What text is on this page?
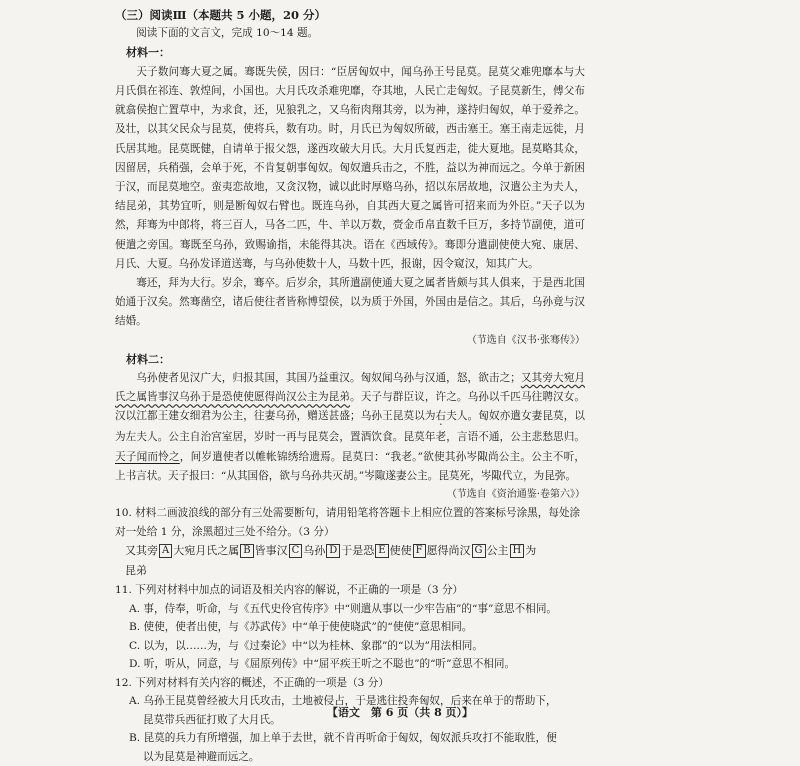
（三）阅读Ⅲ（本题共 5 小题，20 分）

阅读下面的文言文，完成 10～14 题。

材料一：

天子数问骞大夏之属。骞既失侯，因曰：“臣居匈奴中，闻乌孙王号昆莫。昆莫父难兜靡本与大月氏俱在祁连、敦煌间，小国也。大月氏攻杀难兜靡，夺其地，人民亡走匈奴。子昆莫新生，傅父布就翕侯抱亡置草中，为求食，还，见狼乳之，又乌衔肉翔其旁，以为神，遂持归匈奴，单于爱养之。及壮，以其父民众与昆莫，使将兵，数有功。时，月氏已为匈奴所破，西击塞王。塞王南走远徙，月氏居其地。昆莫既健，自请单于报父怨，遂西攻破大月氏。大月氏复西走，徙大夏地。昆莫略其众，因留居，兵稍强，会单于死，不肯复朝事匈奴。匈奴遣兵击之，不胜，益以为神而远之。今单于新困于汉，而昆莫地空。蛮夷恋故地，又贪汉物，诚以此时厚赂乌孙，招以东居故地，汉遣公主为夫人，结昆弟，其势宜听，则是断匈奴右臂也。既连乌孙，自其西大夏之属皆可招来而为外臣。”天子以为然，拜骞为中郎将，将三百人，马各二匹，牛、羊以万数，赍金币帛直数千巨万，多持节副使，道可便遣之旁国。骞既至乌孙，致赐谕指，未能得其决。语在《西域传》。骞即分遣副使使大宛、康居、月氏、大夏。乌孙发译道送骞，与乌孙使数十人，马数十匹，报谢，因令窥汉，知其广大。

骞还，拜为大行。岁余，骞卒。后岁余，其所遣副使通大夏之属者皆颇与其人俱来，于是西北国始通于汉矣。然骞凿空，诸后使往者皆称博望侯，以为质于外国，外国由是信之。其后，乌孙竟与汉结婚。

（节选自《汉书·张骞传》）

材料二：

乌孙使者见汉广大，归报其国，其国乃益重汉。匈奴闻乌孙与汉通，怒，欲击之；又其旁大宛月氏之属皆事汉乌孙于是恐使使愿得尚汉公主为昆弟。天子与群臣议，许之。乌孙以千匹马往聘汉女。汉以江都王建女细君为公主，往妻乌孙，赠送甚盛；乌孙王昆莫以为右夫人。匈奴亦遣女妻昆莫，以为左夫人。公主自治宫室居，岁时一再与昆莫会，置酒饮食。昆莫年老，言语不通，公主悲愁思归。天子闻而怜之，间岁遣使者以帷帐锦绣给遗焉。昆莫曰：“我老。”欲使其孙岑陬尚公主。公主不听，上书言状。天子报曰：“从其国俗，欲与乌孙共灭胡。”岑陬遂妻公主。昆莫死，岑陬代立，为昆弥。

（节选自《资治通鉴·卷第六》）

10. 材料二画波浪线的部分有三处需要断句，请用铅笔将答题卡上相应位置的答案标号涂黑，每处涂对一处给 1 分，涂黑超过三处不给分。（3 分）

又其旁 A 大宛月氏之属 B 皆事汉 C 乌孙 D 于是恐 E 使使 F 愿得尚汉 G 公主 H 为
昆弟

11. 下列对材料中加点的词语及相关内容的解说，不正确的一项是（3 分）

A. 事，侍奉，听命，与《五代史伶官传序》中“则遣从事以一少牢告庙”的“事”意思不相同。

B. 使使，使者出使，与《苏武传》中“单于使使晓武”的“使使”意思相同。

C. 以为，以……为，与《过秦论》中“以为桂林、象郡”的“以为”用法相同。

D. 听，听从，同意，与《屈原列传》中“屈平疾王听之不聪也”的“听”意思不相同。

12. 下列对材料有关内容的概述，不正确的一项是（3 分）

A. 乌孙王昆莫曾经被大月氏攻击，土地被侵占，于是逃往投奔匈奴，后来在单于的帮助下，
昆莫带兵西征打败了大月氏。

B. 昆莫的兵力有所增强，加上单于去世，就不肯再听命于匈奴，匈奴派兵攻打不能取胜，便
以为昆莫是神避而远之。

【语文　第 6 页（共 8 页）】
